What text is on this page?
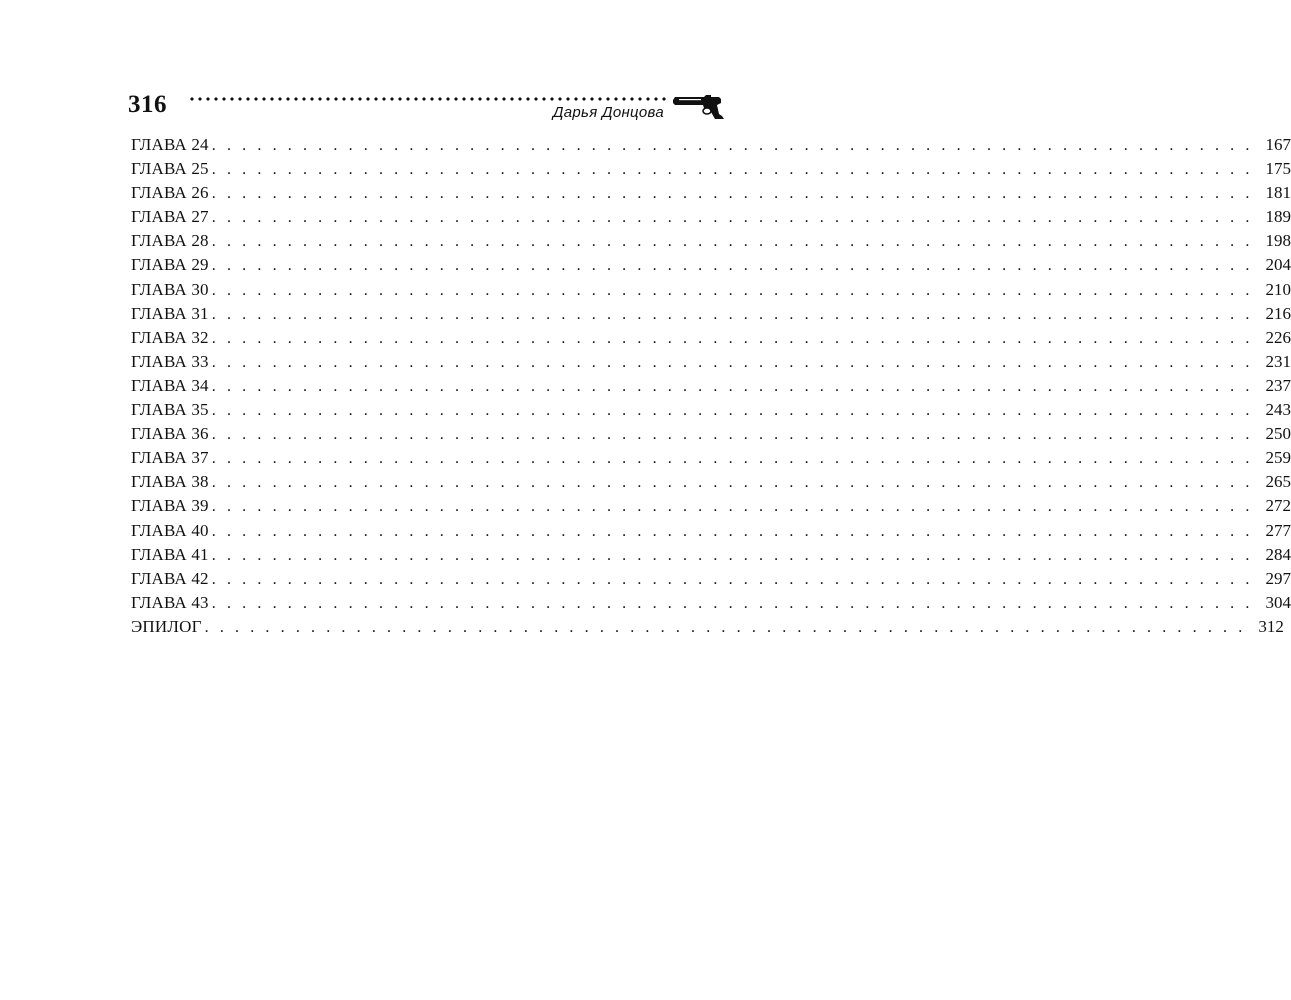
316	Дарья Донцова
ГЛАВА 24 . . . . . . . . . . . . . . . . . . . . . . . . . . . . . . . . . . . . . . . . . . . . . . . . . . . . . . . . . . . . . . . . . . . . . 167
ГЛАВА 25 . . . . . . . . . . . . . . . . . . . . . . . . . . . . . . . . . . . . . . . . . . . . . . . . . . . . . . . . . . . . . . . . . . . . . 175
ГЛАВА 26 . . . . . . . . . . . . . . . . . . . . . . . . . . . . . . . . . . . . . . . . . . . . . . . . . . . . . . . . . . . . . . . . . . . . . 181
ГЛАВА 27 . . . . . . . . . . . . . . . . . . . . . . . . . . . . . . . . . . . . . . . . . . . . . . . . . . . . . . . . . . . . . . . . . . . . . 189
ГЛАВА 28 . . . . . . . . . . . . . . . . . . . . . . . . . . . . . . . . . . . . . . . . . . . . . . . . . . . . . . . . . . . . . . . . . . . . . 198
ГЛАВА 29 . . . . . . . . . . . . . . . . . . . . . . . . . . . . . . . . . . . . . . . . . . . . . . . . . . . . . . . . . . . . . . . . . . . . . 204
ГЛАВА 30 . . . . . . . . . . . . . . . . . . . . . . . . . . . . . . . . . . . . . . . . . . . . . . . . . . . . . . . . . . . . . . . . . . . . . 210
ГЛАВА 31 . . . . . . . . . . . . . . . . . . . . . . . . . . . . . . . . . . . . . . . . . . . . . . . . . . . . . . . . . . . . . . . . . . . . . 216
ГЛАВА 32 . . . . . . . . . . . . . . . . . . . . . . . . . . . . . . . . . . . . . . . . . . . . . . . . . . . . . . . . . . . . . . . . . . . . . 226
ГЛАВА 33 . . . . . . . . . . . . . . . . . . . . . . . . . . . . . . . . . . . . . . . . . . . . . . . . . . . . . . . . . . . . . . . . . . . . . 231
ГЛАВА 34 . . . . . . . . . . . . . . . . . . . . . . . . . . . . . . . . . . . . . . . . . . . . . . . . . . . . . . . . . . . . . . . . . . . . . 237
ГЛАВА 35 . . . . . . . . . . . . . . . . . . . . . . . . . . . . . . . . . . . . . . . . . . . . . . . . . . . . . . . . . . . . . . . . . . . . . 243
ГЛАВА 36 . . . . . . . . . . . . . . . . . . . . . . . . . . . . . . . . . . . . . . . . . . . . . . . . . . . . . . . . . . . . . . . . . . . . . 250
ГЛАВА 37 . . . . . . . . . . . . . . . . . . . . . . . . . . . . . . . . . . . . . . . . . . . . . . . . . . . . . . . . . . . . . . . . . . . . . 259
ГЛАВА 38 . . . . . . . . . . . . . . . . . . . . . . . . . . . . . . . . . . . . . . . . . . . . . . . . . . . . . . . . . . . . . . . . . . . . . 265
ГЛАВА 39 . . . . . . . . . . . . . . . . . . . . . . . . . . . . . . . . . . . . . . . . . . . . . . . . . . . . . . . . . . . . . . . . . . . . . 272
ГЛАВА 40 . . . . . . . . . . . . . . . . . . . . . . . . . . . . . . . . . . . . . . . . . . . . . . . . . . . . . . . . . . . . . . . . . . . . . 277
ГЛАВА 41 . . . . . . . . . . . . . . . . . . . . . . . . . . . . . . . . . . . . . . . . . . . . . . . . . . . . . . . . . . . . . . . . . . . . . 284
ГЛАВА 42 . . . . . . . . . . . . . . . . . . . . . . . . . . . . . . . . . . . . . . . . . . . . . . . . . . . . . . . . . . . . . . . . . . . . . 297
ГЛАВА 43 . . . . . . . . . . . . . . . . . . . . . . . . . . . . . . . . . . . . . . . . . . . . . . . . . . . . . . . . . . . . . . . . . . . . . 304
ЭПИЛОГ . . . . . . . . . . . . . . . . . . . . . . . . . . . . . . . . . . . . . . . . . . . . . . . . . . . . . . . . . . . . . . . . . . . . . 312
